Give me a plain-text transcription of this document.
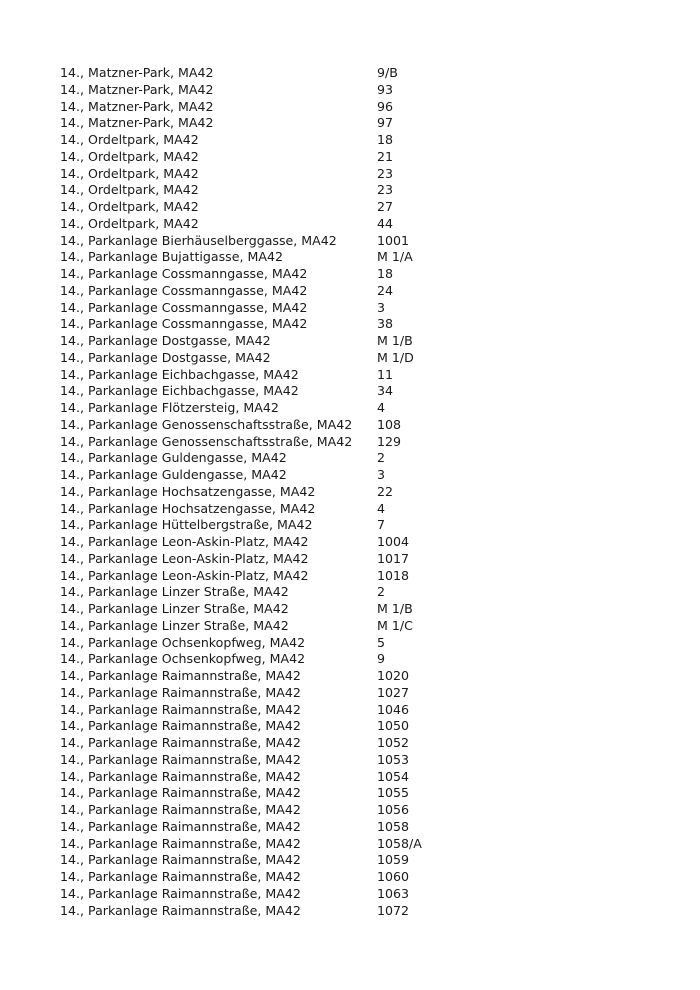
14., Matzner-Park, MA42	9/B
14., Matzner-Park, MA42	93
14., Matzner-Park, MA42	96
14., Matzner-Park, MA42	97
14., Ordeltpark, MA42	18
14., Ordeltpark, MA42	21
14., Ordeltpark, MA42	23
14., Ordeltpark, MA42	23
14., Ordeltpark, MA42	27
14., Ordeltpark, MA42	44
14., Parkanlage Bierhäuselberggasse, MA42	1001
14., Parkanlage Bujattigasse, MA42	M 1/A
14., Parkanlage Cossmanngasse, MA42	18
14., Parkanlage Cossmanngasse, MA42	24
14., Parkanlage Cossmanngasse, MA42	3
14., Parkanlage Cossmanngasse, MA42	38
14., Parkanlage Dostgasse, MA42	M 1/B
14., Parkanlage Dostgasse, MA42	M 1/D
14., Parkanlage Eichbachgasse, MA42	11
14., Parkanlage Eichbachgasse, MA42	34
14., Parkanlage Flötzersteig, MA42	4
14., Parkanlage Genossenschaftsstraße, MA42	108
14., Parkanlage Genossenschaftsstraße, MA42	129
14., Parkanlage Guldengasse, MA42	2
14., Parkanlage Guldengasse, MA42	3
14., Parkanlage Hochsatzengasse, MA42	22
14., Parkanlage Hochsatzengasse, MA42	4
14., Parkanlage Hüttelbergstraße, MA42	7
14., Parkanlage Leon-Askin-Platz, MA42	1004
14., Parkanlage Leon-Askin-Platz, MA42	1017
14., Parkanlage Leon-Askin-Platz, MA42	1018
14., Parkanlage Linzer Straße, MA42	2
14., Parkanlage Linzer Straße, MA42	M 1/B
14., Parkanlage Linzer Straße, MA42	M 1/C
14., Parkanlage Ochsenkopfweg, MA42	5
14., Parkanlage Ochsenkopfweg, MA42	9
14., Parkanlage Raimannstraße, MA42	1020
14., Parkanlage Raimannstraße, MA42	1027
14., Parkanlage Raimannstraße, MA42	1046
14., Parkanlage Raimannstraße, MA42	1050
14., Parkanlage Raimannstraße, MA42	1052
14., Parkanlage Raimannstraße, MA42	1053
14., Parkanlage Raimannstraße, MA42	1054
14., Parkanlage Raimannstraße, MA42	1055
14., Parkanlage Raimannstraße, MA42	1056
14., Parkanlage Raimannstraße, MA42	1058
14., Parkanlage Raimannstraße, MA42	1058/A
14., Parkanlage Raimannstraße, MA42	1059
14., Parkanlage Raimannstraße, MA42	1060
14., Parkanlage Raimannstraße, MA42	1063
14., Parkanlage Raimannstraße, MA42	1072
